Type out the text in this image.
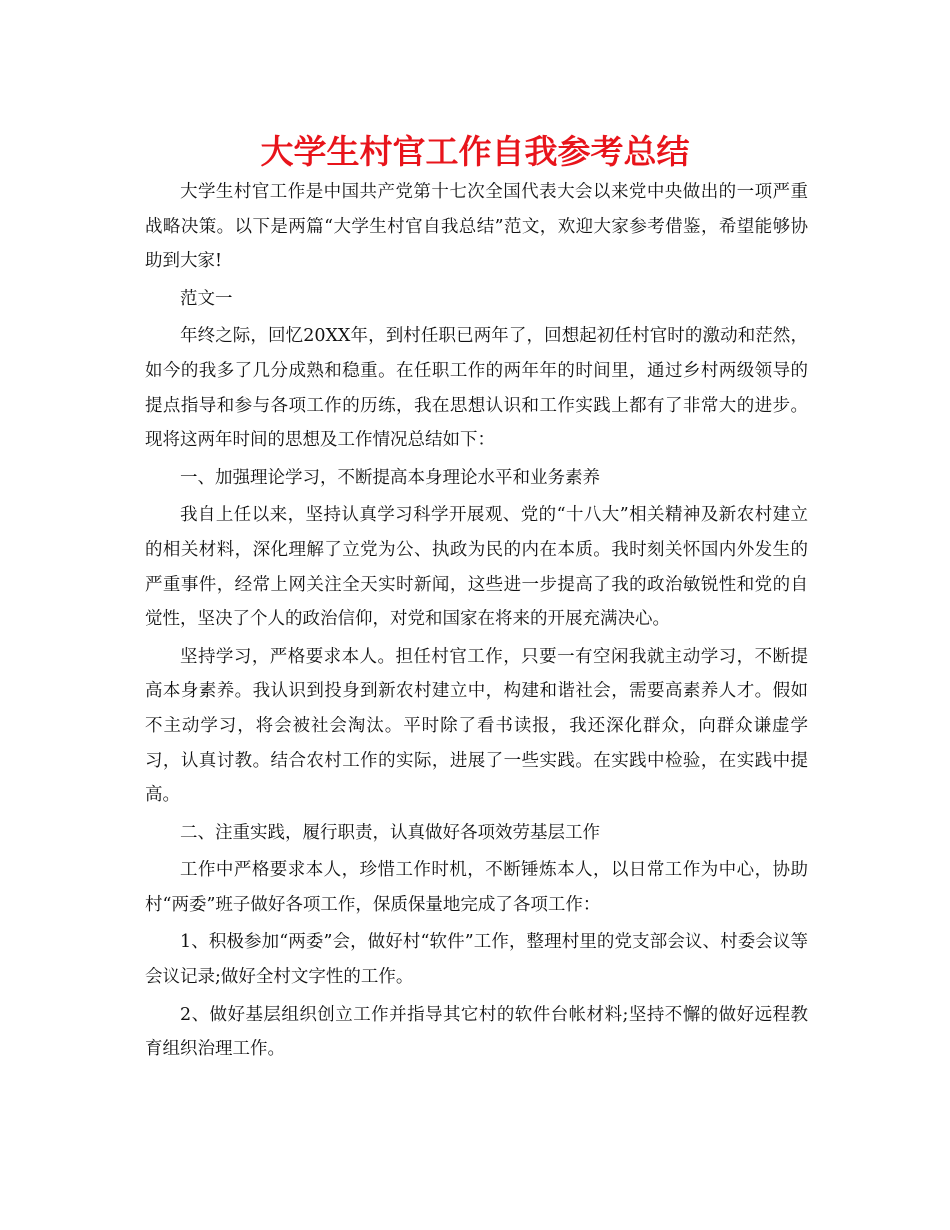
大学生村官工作自我参考总结

大学生村官工作是中国共产党第十七次全国代表大会以来党中央做出的一项严重战略决策。以下是两篇“大学生村官自我总结”范文，欢迎大家参考借鉴，希望能够协助到大家!

范文一

年终之际，回忆20XX年，到村任职已两年了，回想起初任村官时的激动和茫然，如今的我多了几分成熟和稳重。在任职工作的两年年的时间里，通过乡村两级领导的提点指导和参与各项工作的历练，我在思想认识和工作实践上都有了非常大的进步。现将这两年时间的思想及工作情况总结如下：

一、加强理论学习，不断提高本身理论水平和业务素养

我自上任以来，坚持认真学习科学开展观、党的“十八大”相关精神及新农村建立的相关材料，深化理解了立党为公、执政为民的内在本质。我时刻关怀国内外发生的严重事件，经常上网关注全天实时新闻，这些进一步提高了我的政治敏锐性和党的自觉性，坚决了个人的政治信仰，对党和国家在将来的开展充满决心。

坚持学习，严格要求本人。担任村官工作，只要一有空闲我就主动学习，不断提高本身素养。我认识到投身到新农村建立中，构建和谐社会，需要高素养人才。假如不主动学习，将会被社会淘汰。平时除了看书读报，我还深化群众，向群众谦虚学习，认真讨教。结合农村工作的实际，进展了一些实践。在实践中检验，在实践中提高。

二、注重实践，履行职责，认真做好各项效劳基层工作

工作中严格要求本人，珍惜工作时机，不断锤炼本人，以日常工作为中心，协助村“两委”班子做好各项工作，保质保量地完成了各项工作：

1、积极参加“两委”会，做好村“软件”工作，整理村里的党支部会议、村委会议等会议记录;做好全村文字性的工作。

2、做好基层组织创立工作并指导其它村的软件台帐材料;坚持不懈的做好远程教育组织治理工作。
